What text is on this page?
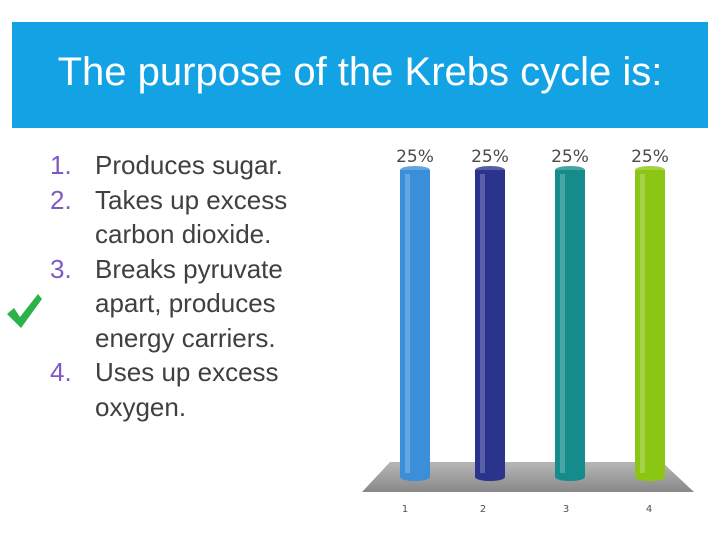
The purpose of the Krebs cycle is:
1. Produces sugar.
2. Takes up excess carbon dioxide.
3. Breaks pyruvate apart, produces energy carriers.
4. Uses up excess oxygen.
25% 25% 25% 25%
1	2	3	4
